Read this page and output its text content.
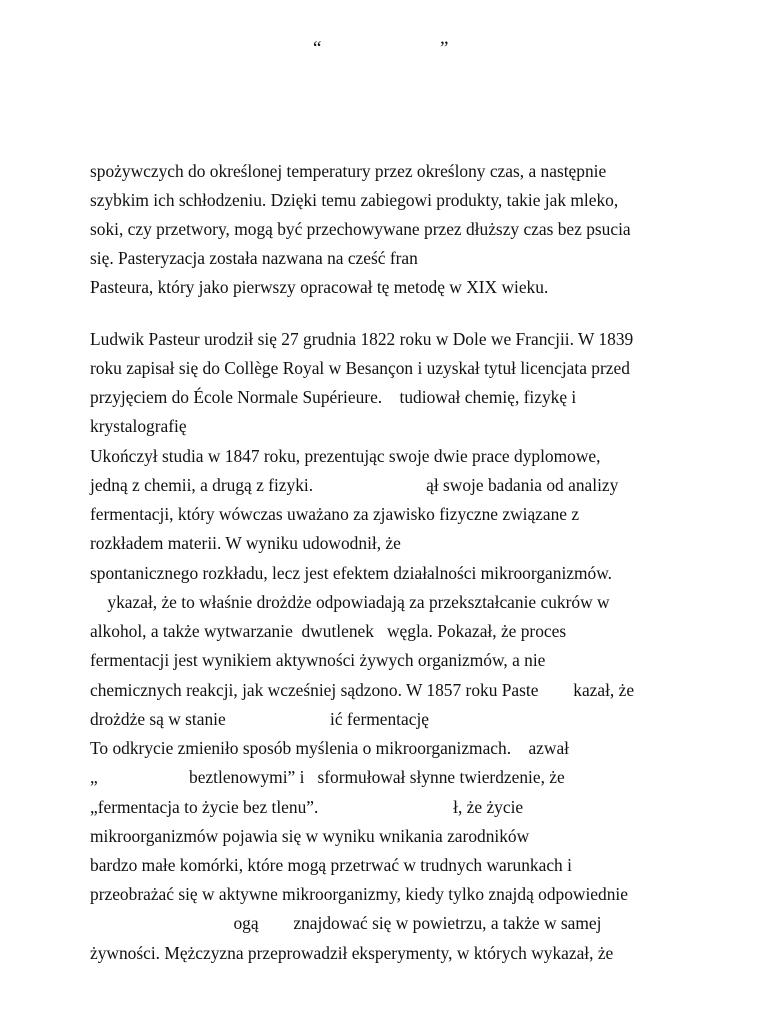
“	”
spożywczych do określonej temperatury przez określony czas, a następnie
szybkim ich schłodzeniu. Dzięki temu zabiegowi produkty, takie jak mleko,
soki, czy przetwory, mogą być przechowywane przez dłuższy czas bez psucia
się. Pasteryzacja została nazwana na cześć fran
Pasteura, który jako pierwszy opracował tę metodę w XIX wieku.
Ludwik Pasteur urodził się 27 grudnia 1822 roku w Dole we Francjii. W 1839
roku zapisał się do Collège Royal w Besançon i uzyskał tytuł licencjata przed
przyjęciem do École Normale Supérieure.    tudiował chemię, fizykę i
krystalografię
Ukończył studia w 1847 roku, prezentując swoje dwie prace dyplomowe,
jedną z chemii, a drugą z fizyki.                          ął swoje badania od analizy
fermentacji, który wówczas uważano za zjawisko fizyczne związane z
rozkładem materii. W wyniku udowodnił, że
spontanicznego rozkładu, lecz jest efektem działalności mikroorganizmów.
ykazał, że to właśnie drożdże odpowiadają za przekształcanie cukrów w
alkohol, a także wytwarzanie  dwutlenek   węgla. Pokazał, że proces
fermentacji jest wynikiem aktywności żywych organizmów, a nie
chemicznych reakcji, jak wcześniej sądzono. W 1857 roku Paste        kazał, że
drożdże są w stanie                        ić fermentację
To odkrycie zmieniło sposób myślenia o mikroorganizmach.    azwał
„                     beztlenowymi” i   sformułował słynne twierdzenie, że
„fermentacja to życie bez tlenu”.                               ł, że życie
mikroorganizmów pojawia się w wyniku wnikania zarodników
bardzo małe komórki, które mogą przetrwać w trudnych warunkach i
przeobrażać się w aktywne mikroorganizmy, kiedy tylko znajdą odpowiednie
ogą        znajdować się w powietrzu, a także w samej
żywności. Mężczyzna przeprowadził eksperymenty, w których wykazał, że
